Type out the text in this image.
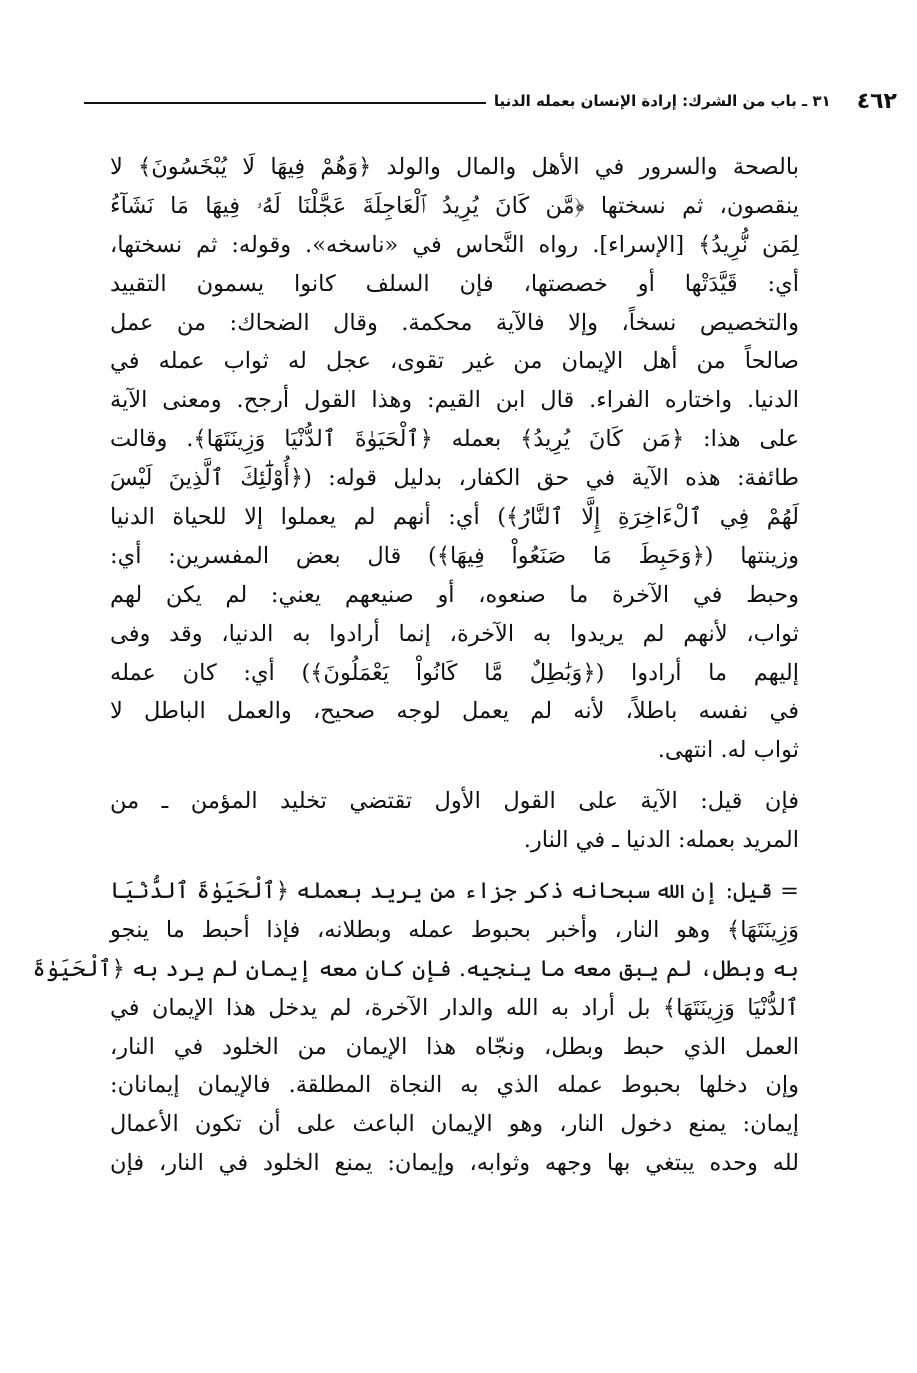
٤٦٢
٣١ ـ باب من الشرك: إرادة الإنسان بعمله الدنيا
بالصحة والسرور في الأهل والمال والولد ﴿وَهُمْ فِيهَا لَا يُبْخَسُونَ﴾ لا
ينقصون، ثم نسختها ﴿مَّن كَانَ يُرِيدُ ٱلْعَاجِلَةَ عَجَّلْنَا لَهُۥ فِيهَا مَا نَشَآءُ
لِمَن نُّرِيدُ﴾ [الإسراء]. رواه النَّحاس في «ناسخه». وقوله: ثم نسختها،
أي: قَيَّدَتْها أو خصصتها، فإن السلف كانوا يسمون التقييد
والتخصيص نسخاً، وإلا فالآية محكمة. وقال الضحاك: من عمل
صالحاً من أهل الإيمان من غير تقوى، عجل له ثواب عمله في
الدنيا. واختاره الفراء. قال ابن القيم: وهذا القول أرجح. ومعنى الآية
على هذا: ﴿مَن كَانَ يُرِيدُ﴾ بعمله ﴿ٱلْحَيَوٰةَ ٱلدُّنْيَا وَزِينَتَهَا﴾. وقالت
طائفة: هذه الآية في حق الكفار، بدليل قوله: (﴿أُوْلَٰٓئِكَ ٱلَّذِينَ لَيْسَ
لَهُمْ فِي ٱلْءَاخِرَةِ إِلَّا ٱلنَّارُ﴾) أي: أنهم لم يعملوا إلا للحياة الدنيا
وزينتها (﴿وَحَبِطَ مَا صَنَعُواْ فِيهَا﴾) قال بعض المفسرين: أي:
وحبط في الآخرة ما صنعوه، أو صنيعهم يعني: لم يكن لهم
ثواب، لأنهم لم يريدوا به الآخرة، إنما أرادوا به الدنيا، وقد وفى
إليهم ما أرادوا (﴿وَبَٰطِلٌ مَّا كَانُواْ يَعْمَلُونَ﴾) أي: كان عمله
في نفسه باطلاً، لأنه لم يعمل لوجه صحيح، والعمل الباطل لا
ثواب له. انتهى.
فإن قيل: الآية على القول الأول تقتضي تخليد المؤمن ـ من
المريد بعمله: الدنيا ـ في النار.
= قيل: إن الله سبحانه ذكر جزاء من يريد بعمله ﴿ٱلْحَيَوٰةَ ٱلدُّنْيَا
وَزِينَتَهَا﴾ وهو النار، وأخبر بحبوط عمله وبطلانه، فإذا أحبط ما ينجو
به وبطل، لم يبق معه ما ينجيه. فإن كان معه إيمان لم يرد به ﴿ٱلْحَيَوٰةَ
ٱلدُّنْيَا وَزِينَتَهَا﴾ بل أراد به الله والدار الآخرة، لم يدخل هذا الإيمان في
العمل الذي حبط وبطل، ونجّاه هذا الإيمان من الخلود في النار،
وإن دخلها بحبوط عمله الذي به النجاة المطلقة. فالإيمان إيمانان:
إيمان: يمنع دخول النار، وهو الإيمان الباعث على أن تكون الأعمال
لله وحده يبتغي بها وجهه وثوابه، وإيمان: يمنع الخلود في النار، فإن
